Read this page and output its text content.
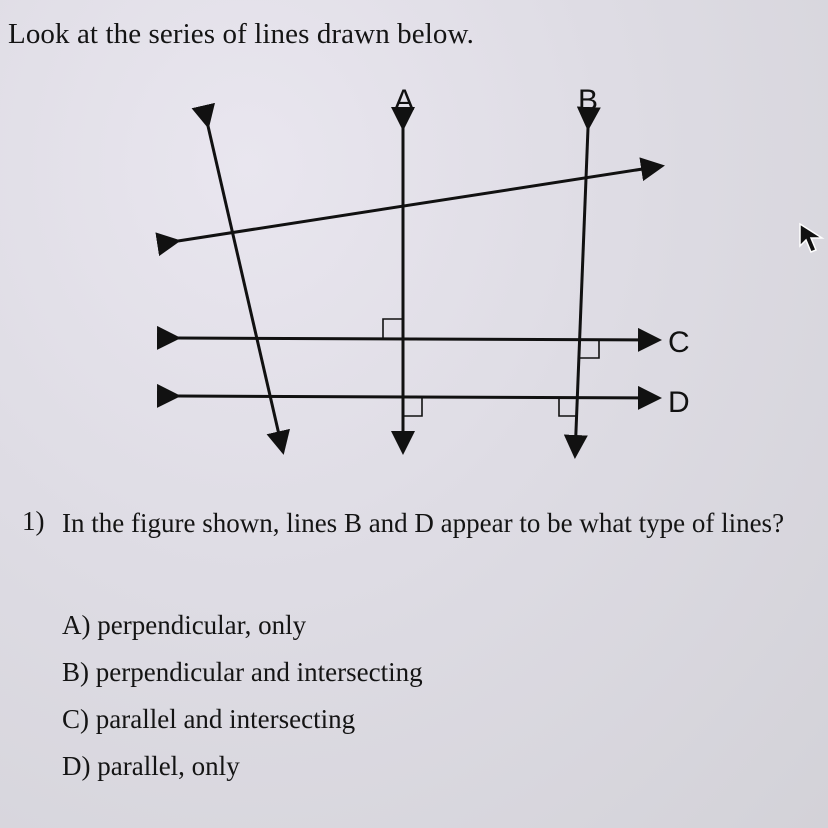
Look at the series of lines drawn below.
A	B
C
D
1) In the figure shown, lines B and D appear to be what type of lines?
A) perpendicular, only
B) perpendicular and intersecting
C) parallel and intersecting
D) parallel, only
